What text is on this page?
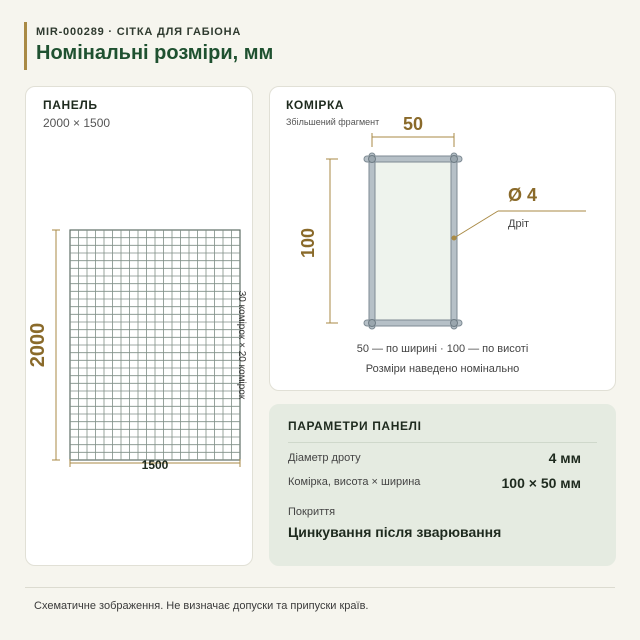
MIR-000289 · СІТКА ДЛЯ ГАБІОНА
Номінальні розміри, мм
ПАНЕЛЬ
2000 × 1500
2000
1500
30 комірок × 20 комірок
КОМІРКА
Збільшений фрагмент 50
100
Ø 4
Дріт
50 — по ширині · 100 — по висоті
Розміри наведено номінально
ПАРАМЕТРИ ПАНЕЛІ
Діаметр дроту	4 мм
Комірка, висота × ширина	100 × 50 мм
Покриття
Цинкування після зварювання
Схематичне зображення. Не визначає допуски та припуски країв.
